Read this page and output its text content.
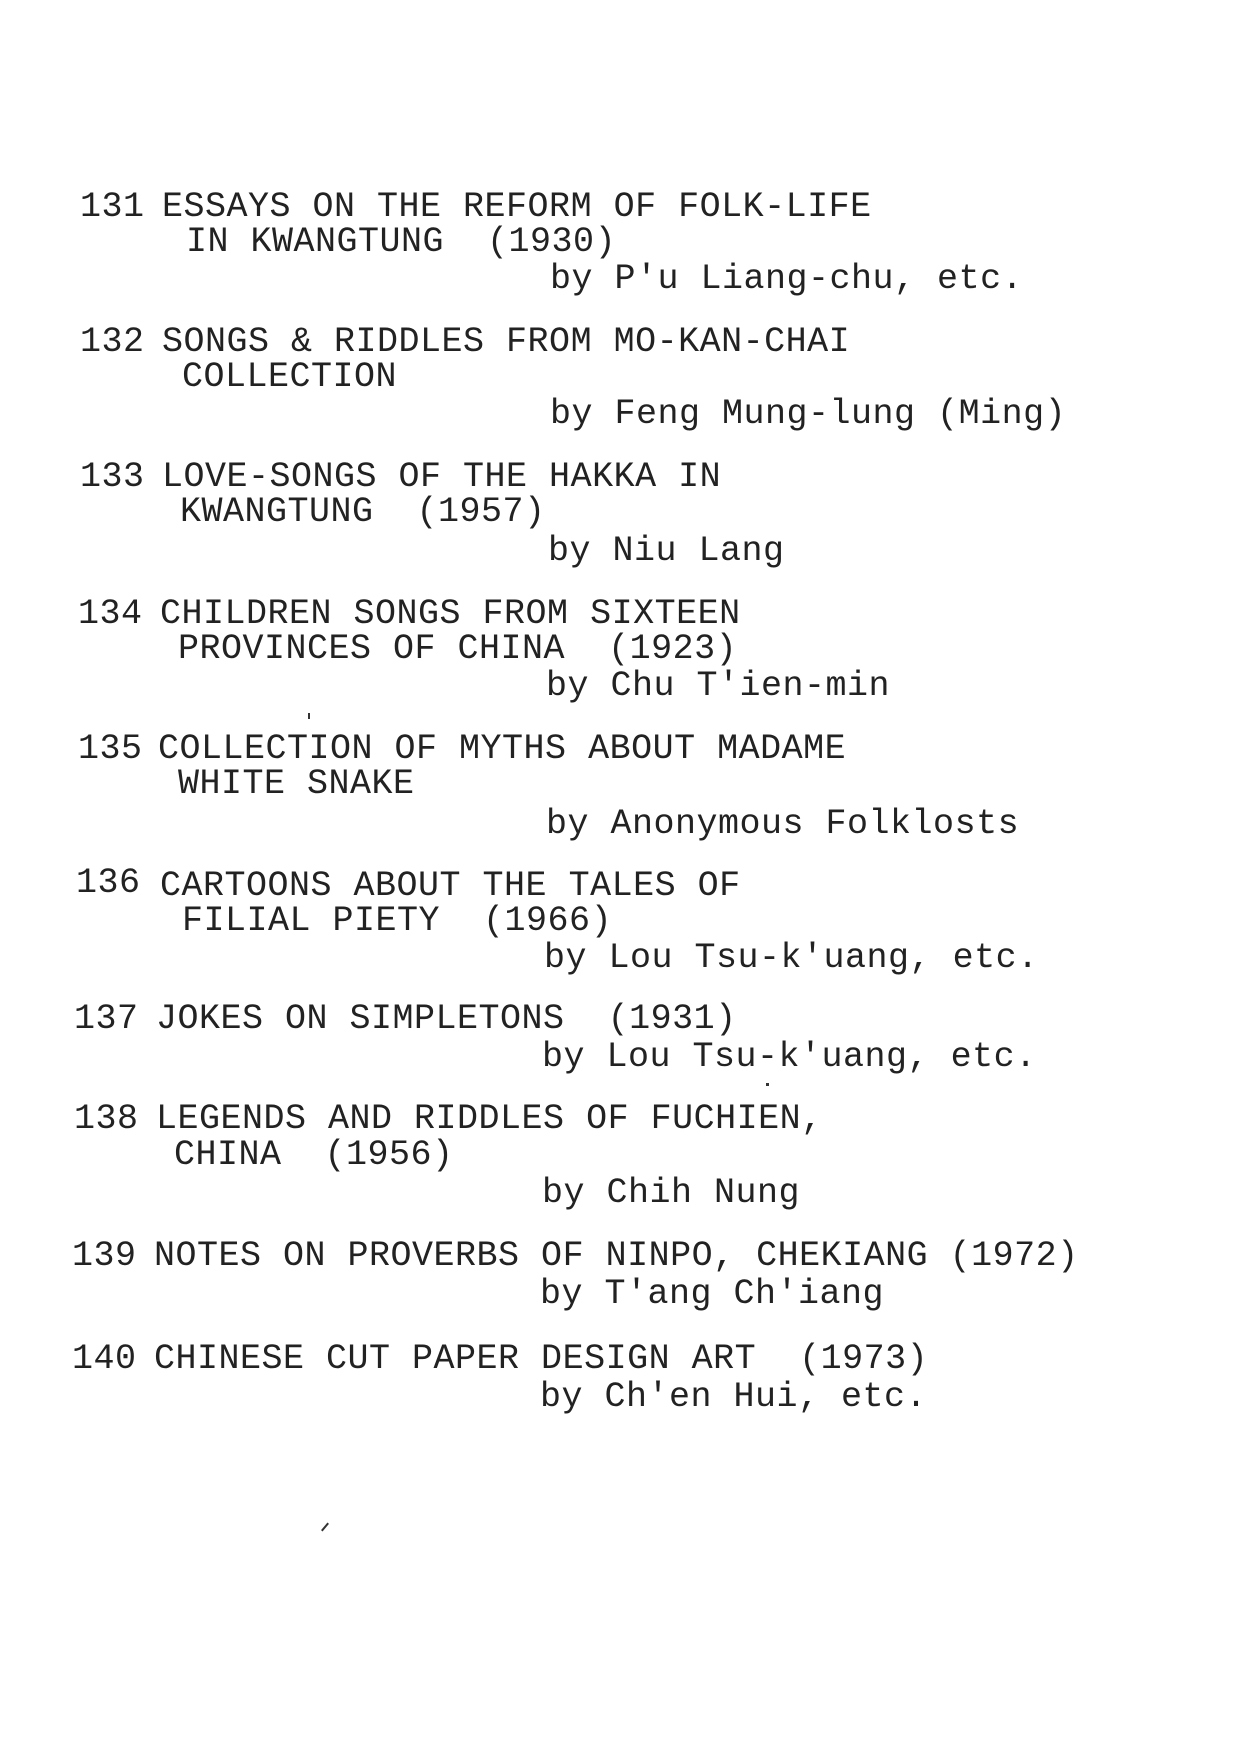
131 ESSAYS ON THE REFORM OF FOLK-LIFE
IN KWANGTUNG  (1930)
by P'u Liang-chu, etc.
132 SONGS & RIDDLES FROM MO-KAN-CHAI
COLLECTION
by Feng Mung-lung (Ming)
133 LOVE-SONGS OF THE HAKKA IN
KWANGTUNG  (1957)
by Niu Lang
134 CHILDREN SONGS FROM SIXTEEN
PROVINCES OF CHINA  (1923)
by Chu T'ien-min
135 COLLECTION OF MYTHS ABOUT MADAME
WHITE SNAKE
by Anonymous Folklosts
136 CARTOONS ABOUT THE TALES OF
FILIAL PIETY  (1966)
by Lou Tsu-k'uang, etc.
137 JOKES ON SIMPLETONS  (1931)
by Lou Tsu-k'uang, etc.
138 LEGENDS AND RIDDLES OF FUCHIEN,
CHINA  (1956)
by Chih Nung
139 NOTES ON PROVERBS OF NINPO, CHEKIANG (1972)
by T'ang Ch'iang
140 CHINESE CUT PAPER DESIGN ART  (1973)
by Ch'en Hui, etc.
